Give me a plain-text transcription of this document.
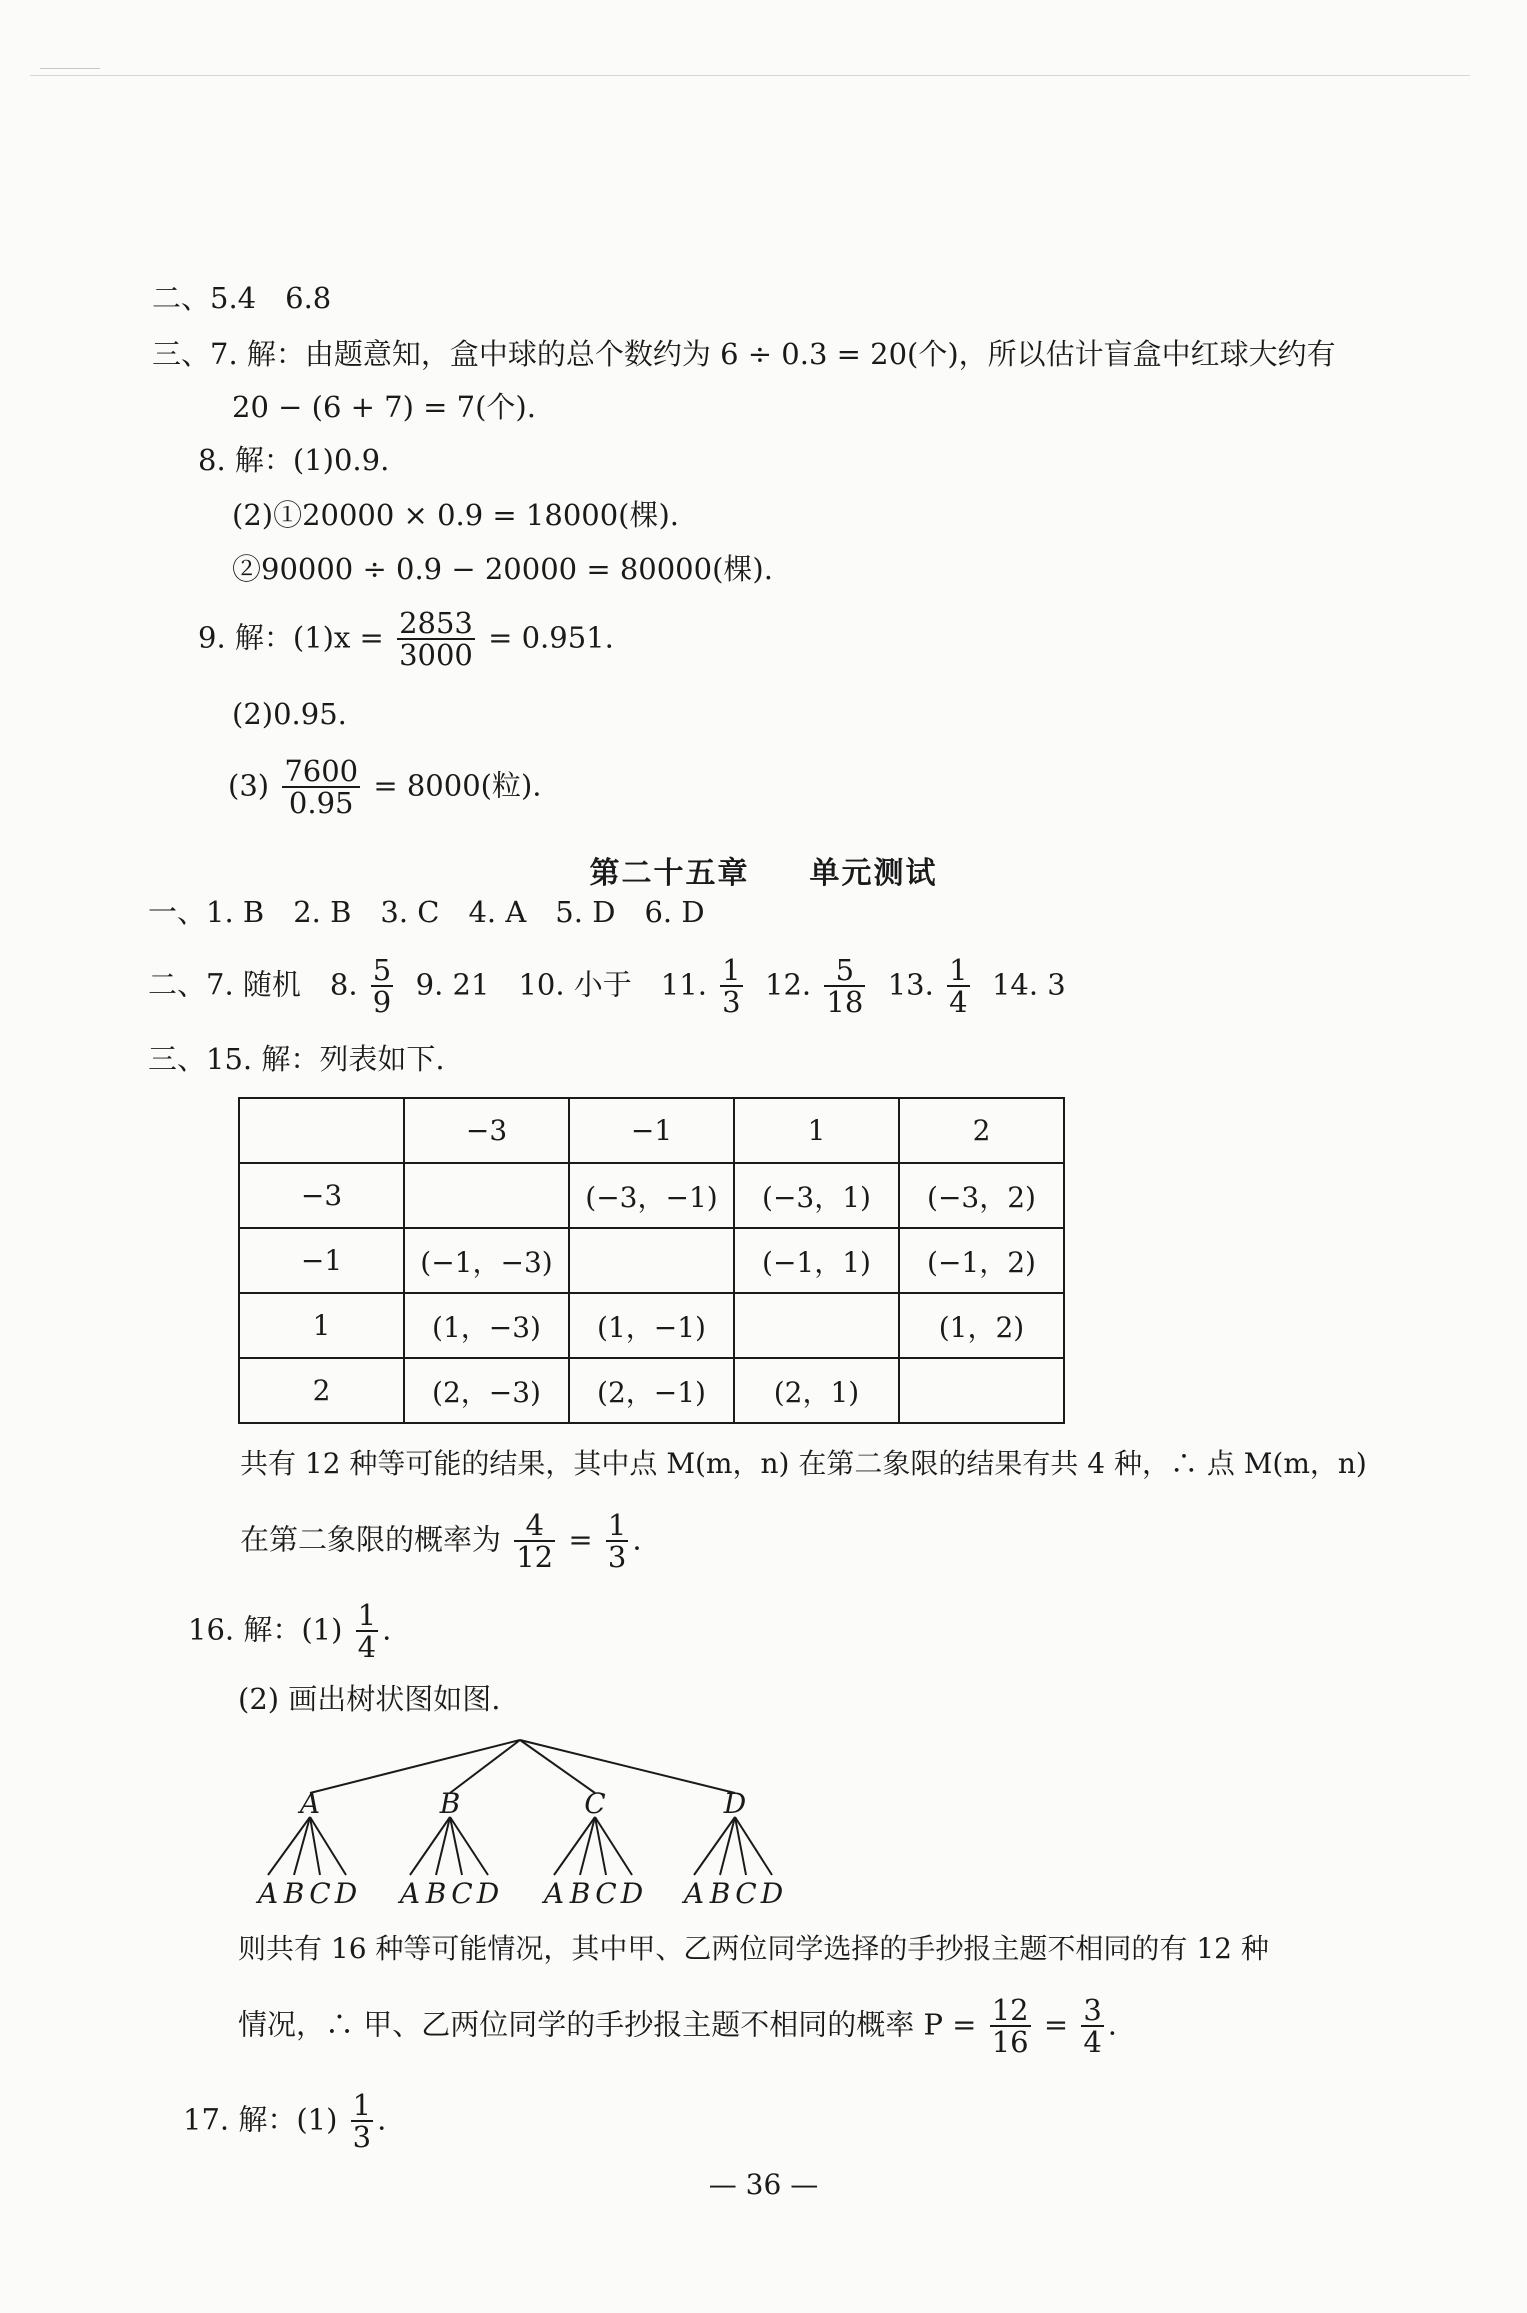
二、5.4　6.8
三、7. 解：由题意知，盒中球的总个数约为 6 ÷ 0.3 = 20(个)，所以估计盲盒中红球大约有
20 − (6 + 7) = 7(个).
8. 解：(1)0.9.
(2)①20000 × 0.9 = 18000(棵).
②90000 ÷ 0.9 − 20000 = 80000(棵).
9. 解：$(1)x = \frac{2853}{3000} = 0.951$.
(2)0.95.
$(3) \frac{7600}{0.95} = 8000$(粒).
第二十五章 单元测试
一、1. B　2. B　3. C　4. A　5. D　6. D
二、7. 随机　8. $\frac{5}{9} 9$. 21　10. 小于　11. $\frac{1}{3} 12$. $\frac{5}{18} 13$. $\frac{1}{4} 14$. 3
三、15. 解：列表如下.
	−3	−1	1	2
−3		(−3，−1)	(−3，1)	(−3，2)
−1	(−1，−3)		(−1，1)	(−1，2)
1	(1，−3)	(1，−1)		(1，2)
2	(2，−3)	(2，−1)	(2，1)	
共有 12 种等可能的结果，其中点 M(m，n) 在第二象限的结果有共 4 种，∴ 点 M(m，n)
在第二象限的概率为 $\frac{4}{12} = \frac{1}{3}$ .
16. 解：$(1) \frac{1}{4}$ .
(2) 画出树状图如图.
A	B	C	D
A B C D A B C D A B C D A B C D
则共有 16 种等可能情况，其中甲、乙两位同学选择的手抄报主题不相同的有 12 种
情况，∴ 甲、乙两位同学的手抄报主题不相同的概率 $P = \frac{12}{16} = \frac{3}{4}$ .
17. 解：$(1) \frac{1}{3}$ .
— 36 —
